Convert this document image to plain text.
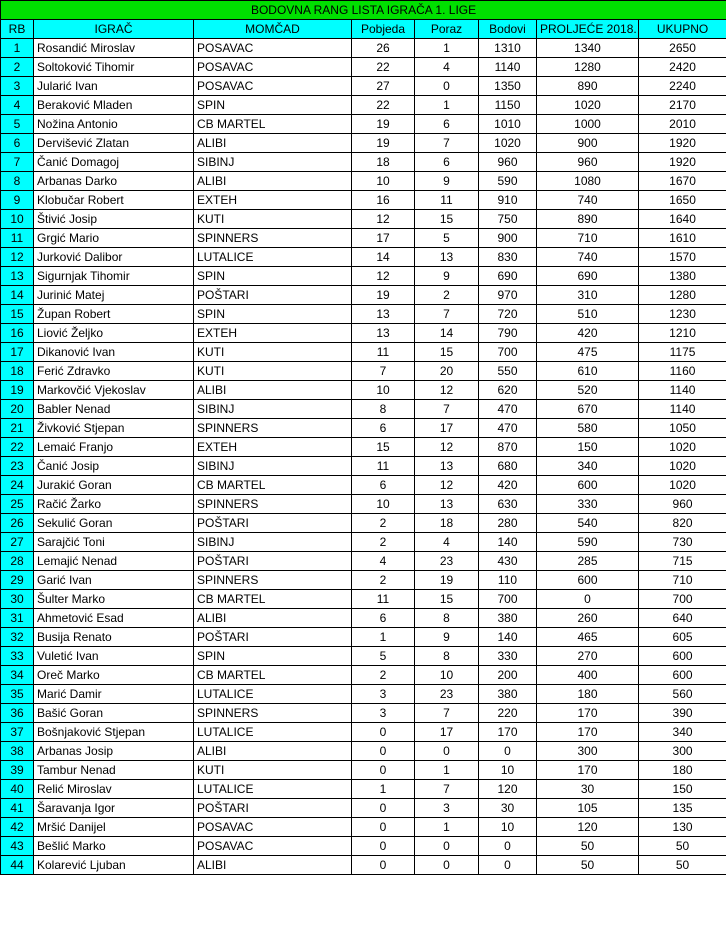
BODOVNA RANG LISTA IGRAČA 1. LIGE							
RB	IGRAČ	MOMČAD	Pobjeda	Poraz	Bodovi	PROLJEĆE 2018.	UKUPNO
1	Rosandić Miroslav	POSAVAC	26	1	1310	1340	2650
2	Soltoković Tihomir	POSAVAC	22	4	1140	1280	2420
3	Jularić Ivan	POSAVAC	27	0	1350	890	2240
4	Beraković Mladen	SPIN	22	1	1150	1020	2170
5	Nožina Antonio	CB MARTEL	19	6	1010	1000	2010
6	Dervišević Zlatan	ALIBI	19	7	1020	900	1920
7	Čanić Domagoj	SIBINJ	18	6	960	960	1920
8	Arbanas Darko	ALIBI	10	9	590	1080	1670
9	Klobučar Robert	EXTEH	16	11	910	740	1650
10	Štivić Josip	KUTI	12	15	750	890	1640
11	Grgić Mario	SPINNERS	17	5	900	710	1610
12	Jurković Dalibor	LUTALICE	14	13	830	740	1570
13	Sigurnjak Tihomir	SPIN	12	9	690	690	1380
14	Jurinić Matej	POŠTARI	19	2	970	310	1280
15	Župan Robert	SPIN	13	7	720	510	1230
16	Liović Željko	EXTEH	13	14	790	420	1210
17	Dikanović Ivan	KUTI	11	15	700	475	1175
18	Ferić Zdravko	KUTI	7	20	550	610	1160
19	Markovčić Vjekoslav	ALIBI	10	12	620	520	1140
20	Babler Nenad	SIBINJ	8	7	470	670	1140
21	Živković Stjepan	SPINNERS	6	17	470	580	1050
22	Lemaić Franjo	EXTEH	15	12	870	150	1020
23	Čanić Josip	SIBINJ	11	13	680	340	1020
24	Jurakić Goran	CB MARTEL	6	12	420	600	1020
25	Račić Žarko	SPINNERS	10	13	630	330	960
26	Sekulić Goran	POŠTARI	2	18	280	540	820
27	Sarajčić Toni	SIBINJ	2	4	140	590	730
28	Lemajić Nenad	POŠTARI	4	23	430	285	715
29	Garić Ivan	SPINNERS	2	19	110	600	710
30	Šulter Marko	CB MARTEL	11	15	700	0	700
31	Ahmetović Esad	ALIBI	6	8	380	260	640
32	Busija Renato	POŠTARI	1	9	140	465	605
33	Vuletić Ivan	SPIN	5	8	330	270	600
34	Oreč Marko	CB MARTEL	2	10	200	400	600
35	Marić Damir	LUTALICE	3	23	380	180	560
36	Bašić Goran	SPINNERS	3	7	220	170	390
37	Bošnjaković Stjepan	LUTALICE	0	17	170	170	340
38	Arbanas Josip	ALIBI	0	0	0	300	300
39	Tambur Nenad	KUTI	0	1	10	170	180
40	Relić Miroslav	LUTALICE	1	7	120	30	150
41	Šaravanja Igor	POŠTARI	0	3	30	105	135
42	Mršić Danijel	POSAVAC	0	1	10	120	130
43	Bešlić Marko	POSAVAC	0	0	0	50	50
44	Kolarević Ljuban	ALIBI	0	0	0	50	50
